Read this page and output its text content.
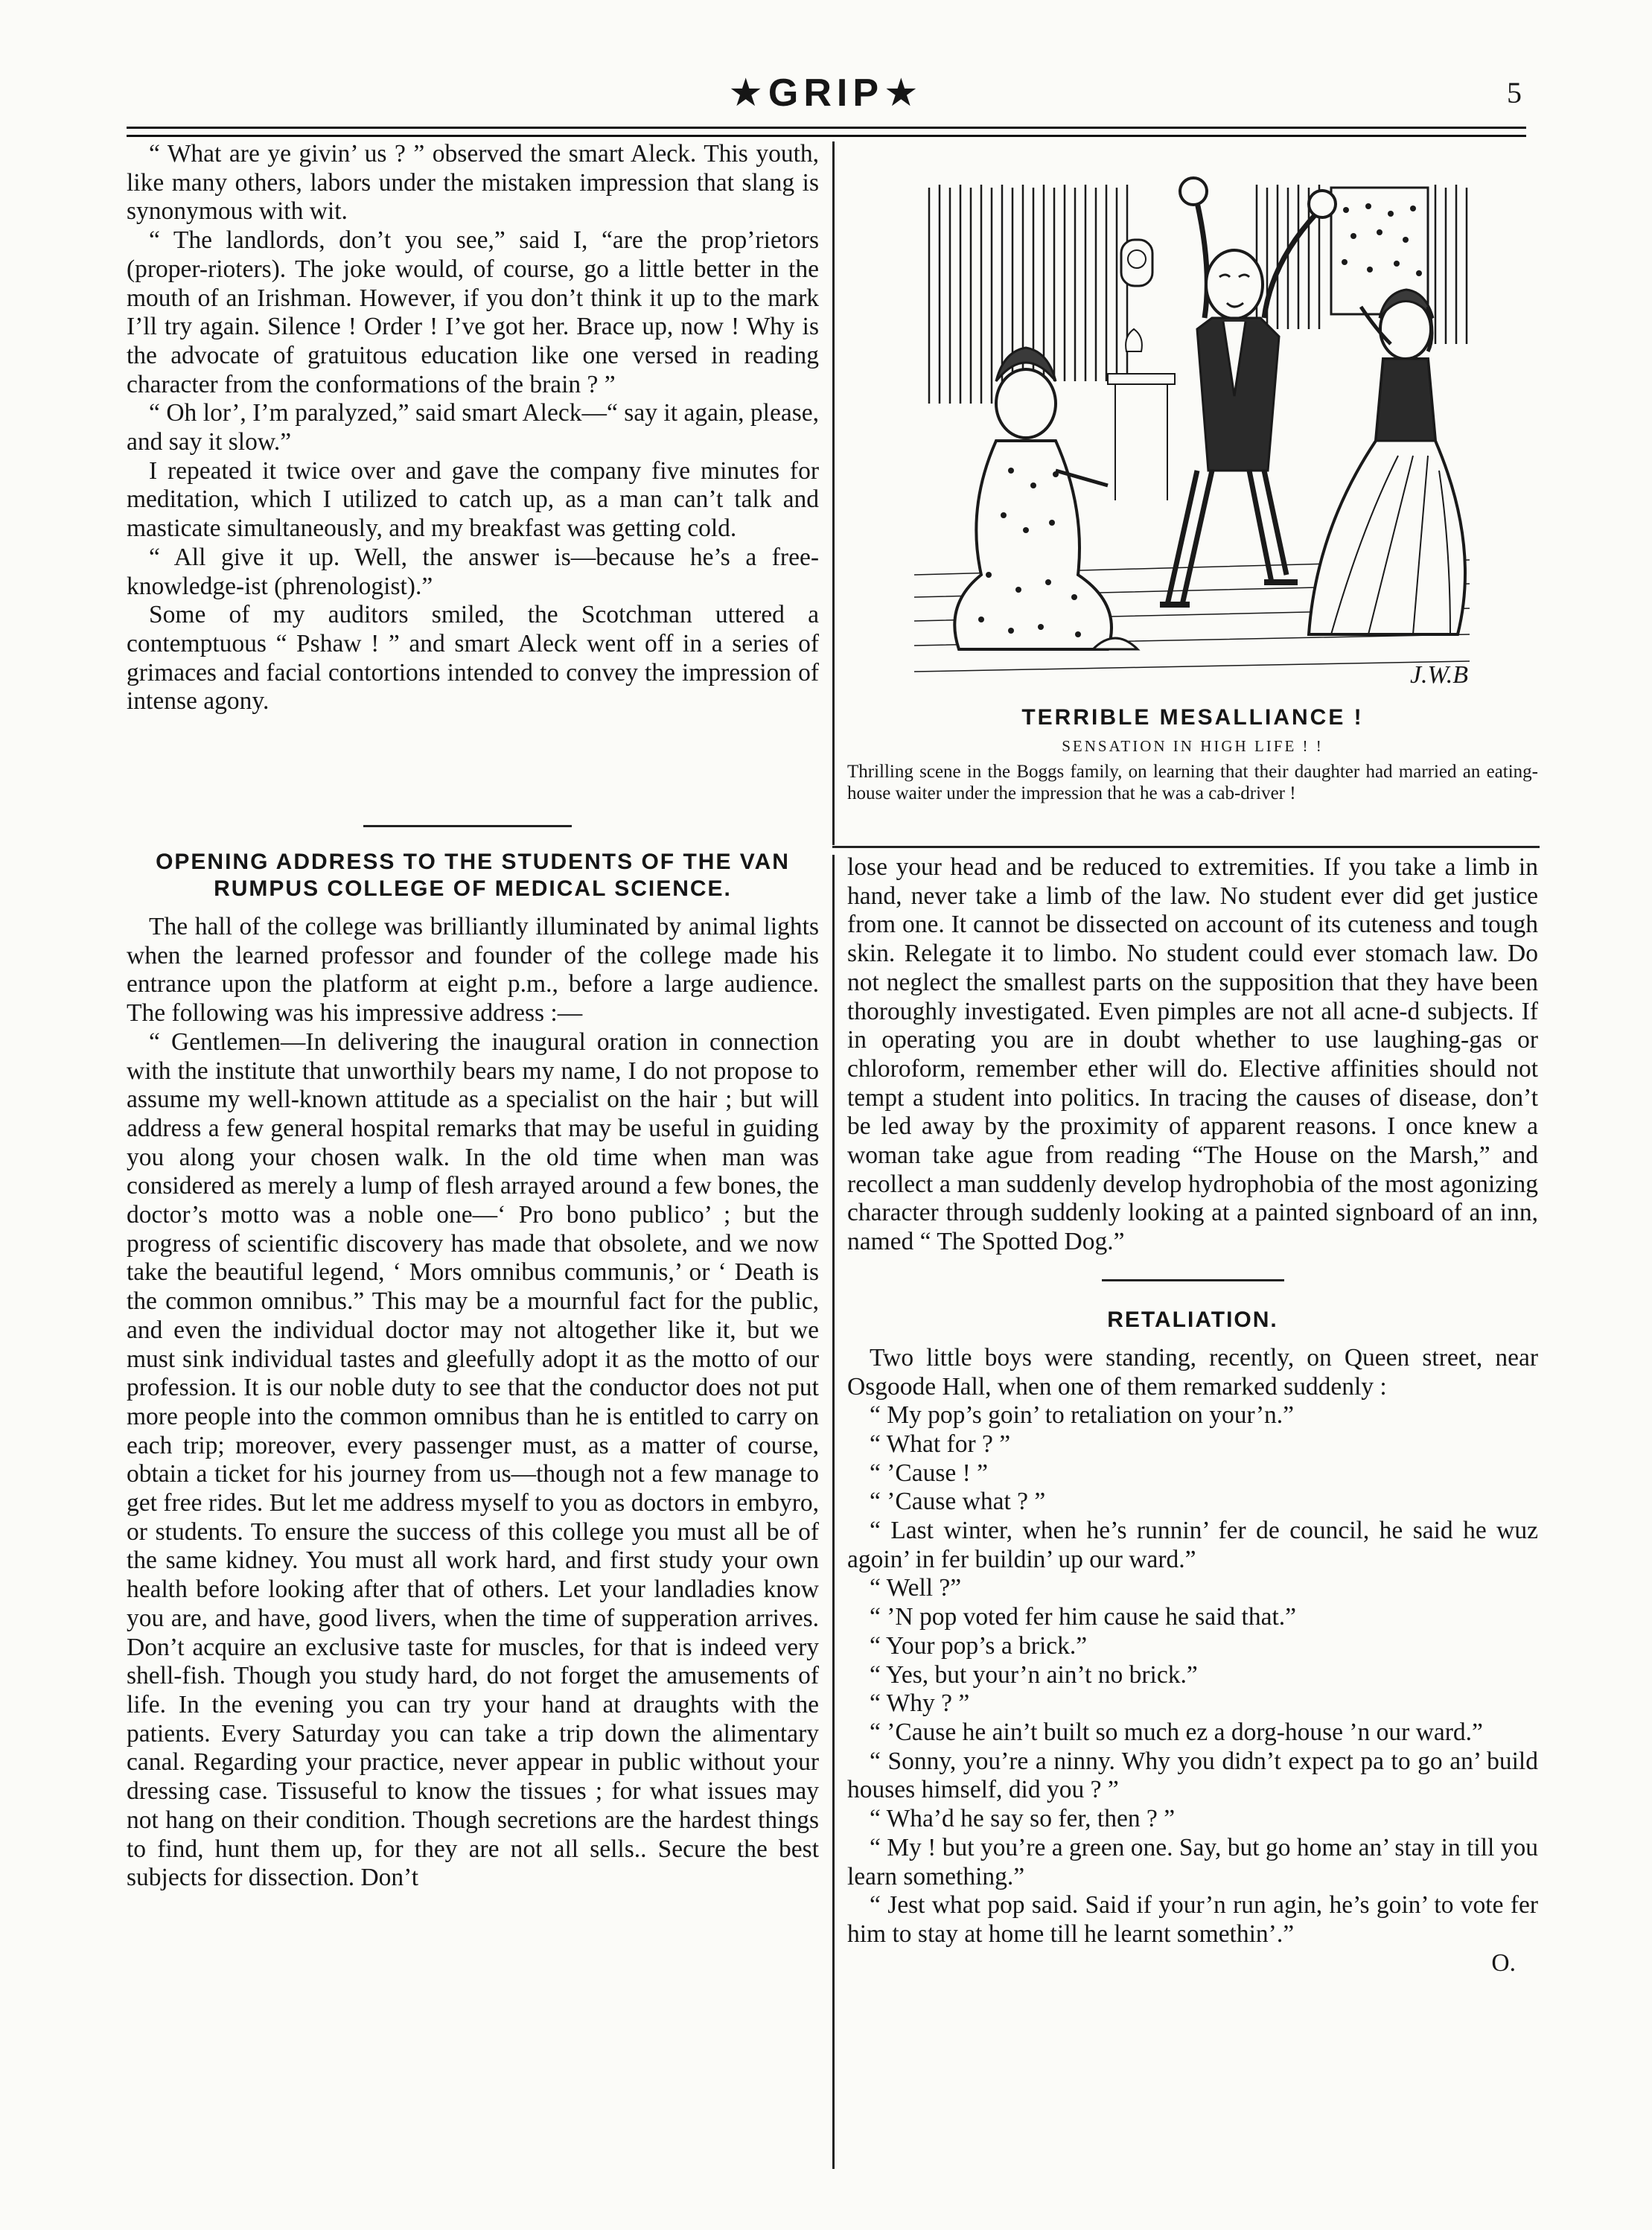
★GRIP★	5

“ What are ye givin’ us ? ” observed the smart Aleck. This youth, like many others, labors under the mistaken impression that slang is synonymous with wit.

“ The landlords, don’t you see,” said I, “are the prop’rietors (proper-rioters). The joke would, of course, go a little better in the mouth of an Irishman. However, if you don’t think it up to the mark I’ll try again. Silence ! Order ! I’ve got her. Brace up, now ! Why is the advocate of gratuitous education like one versed in reading character from the conformations of the brain ? ”

“ Oh lor’, I’m paralyzed,” said smart Aleck—“ say it again, please, and say it slow.”

I repeated it twice over and gave the company five minutes for meditation, which I utilized to catch up, as a man can’t talk and masticate simultaneously, and my breakfast was getting cold.

“ All give it up. Well, the answer is—because he’s a free-knowledge-ist (phrenologist).”

Some of my auditors smiled, the Scotchman uttered a contemptuous “ Pshaw ! ” and smart Aleck went off in a series of grimaces and facial contortions intended to convey the impression of intense agony.

OPENING ADDRESS TO THE STUDENTS OF THE VAN RUMPUS COLLEGE OF MEDICAL SCIENCE.

The hall of the college was brilliantly illuminated by animal lights when the learned professor and founder of the college made his entrance upon the platform at eight p.m., before a large audience. The following was his impressive address :—

“ Gentlemen—In delivering the inaugural oration in connection with the institute that unworthily bears my name, I do not propose to assume my well-known attitude as a specialist on the hair ; but will address a few general hospital remarks that may be useful in guiding you along your chosen walk. In the old time when man was considered as merely a lump of flesh arrayed around a few bones, the doctor’s motto was a noble one—‘ Pro bono publico’ ; but the progress of scientific discovery has made that obsolete, and we now take the beautiful legend, ‘ Mors omnibus communis,’ or ‘ Death is the common omnibus.” This may be a mournful fact for the public, and even the individual doctor may not altogether like it, but we must sink individual tastes and gleefully adopt it as the motto of our profession. It is our noble duty to see that the conductor does not put more people into the common omnibus than he is entitled to carry on each trip; moreover, every passenger must, as a matter of course, obtain a ticket for his journey from us—though not a few manage to get free rides. But let me address myself to you as doctors in embyro, or students. To ensure the success of this college you must all be of the same kidney. You must all work hard, and first study your own health before looking after that of others. Let your landladies know you are, and have, good livers, when the time of supperation arrives. Don’t acquire an exclusive taste for muscles, for that is indeed very shell-fish. Though you study hard, do not forget the amusements of life. In the evening you can try your hand at draughts with the patients. Every Saturday you can take a trip down the alimentary canal. Regarding your practice, never appear in public without your dressing case. Tissuseful to know the tissues ; for what issues may not hang on their condition. Though secretions are the hardest things to find, hunt them up, for they are not all sells.. Secure the best subjects for dissection. Don’t

J.W.B
TERRIBLE MESALLIANCE !
SENSATION IN HIGH LIFE ! !
Thrilling scene in the Boggs family, on learning that their daughter had married an eating-house waiter under the impression that he was a cab-driver !

lose your head and be reduced to extremities. If you take a limb in hand, never take a limb of the law. No student ever did get justice from one. It cannot be dissected on account of its cuteness and tough skin. Relegate it to limbo. No student could ever stomach law. Do not neglect the smallest parts on the supposition that they have been thoroughly investigated. Even pimples are not all acne-d subjects. If in operating you are in doubt whether to use laughing-gas or chloroform, remember ether will do. Elective affinities should not tempt a student into politics. In tracing the causes of disease, don’t be led away by the proximity of apparent reasons. I once knew a woman take ague from reading “The House on the Marsh,” and recollect a man suddenly develop hydrophobia of the most agonizing character through suddenly looking at a painted signboard of an inn, named “ The Spotted Dog.”

RETALIATION.

Two little boys were standing, recently, on Queen street, near Osgoode Hall, when one of them remarked suddenly :

“ My pop’s goin’ to retaliation on your’n.”

“ What for ? ”

“ ’Cause ! ”

“ ’Cause what ? ”

“ Last winter, when he’s runnin’ fer de council, he said he wuz agoin’ in fer buildin’ up our ward.”

“ Well ?”

“ ’N pop voted fer him cause he said that.”

“ Your pop’s a brick.”

“ Yes, but your’n ain’t no brick.”

“ Why ? ”

“ ’Cause he ain’t built so much ez a dorg-house ’n our ward.”

“ Sonny, you’re a ninny. Why you didn’t expect pa to go an’ build houses himself, did you ? ”

“ Wha’d he say so fer, then ? ”

“ My ! but you’re a green one. Say, but go home an’ stay in till you learn something.”

“ Jest what pop said. Said if your’n run agin, he’s goin’ to vote fer him to stay at home till he learnt somethin’.”

O.
